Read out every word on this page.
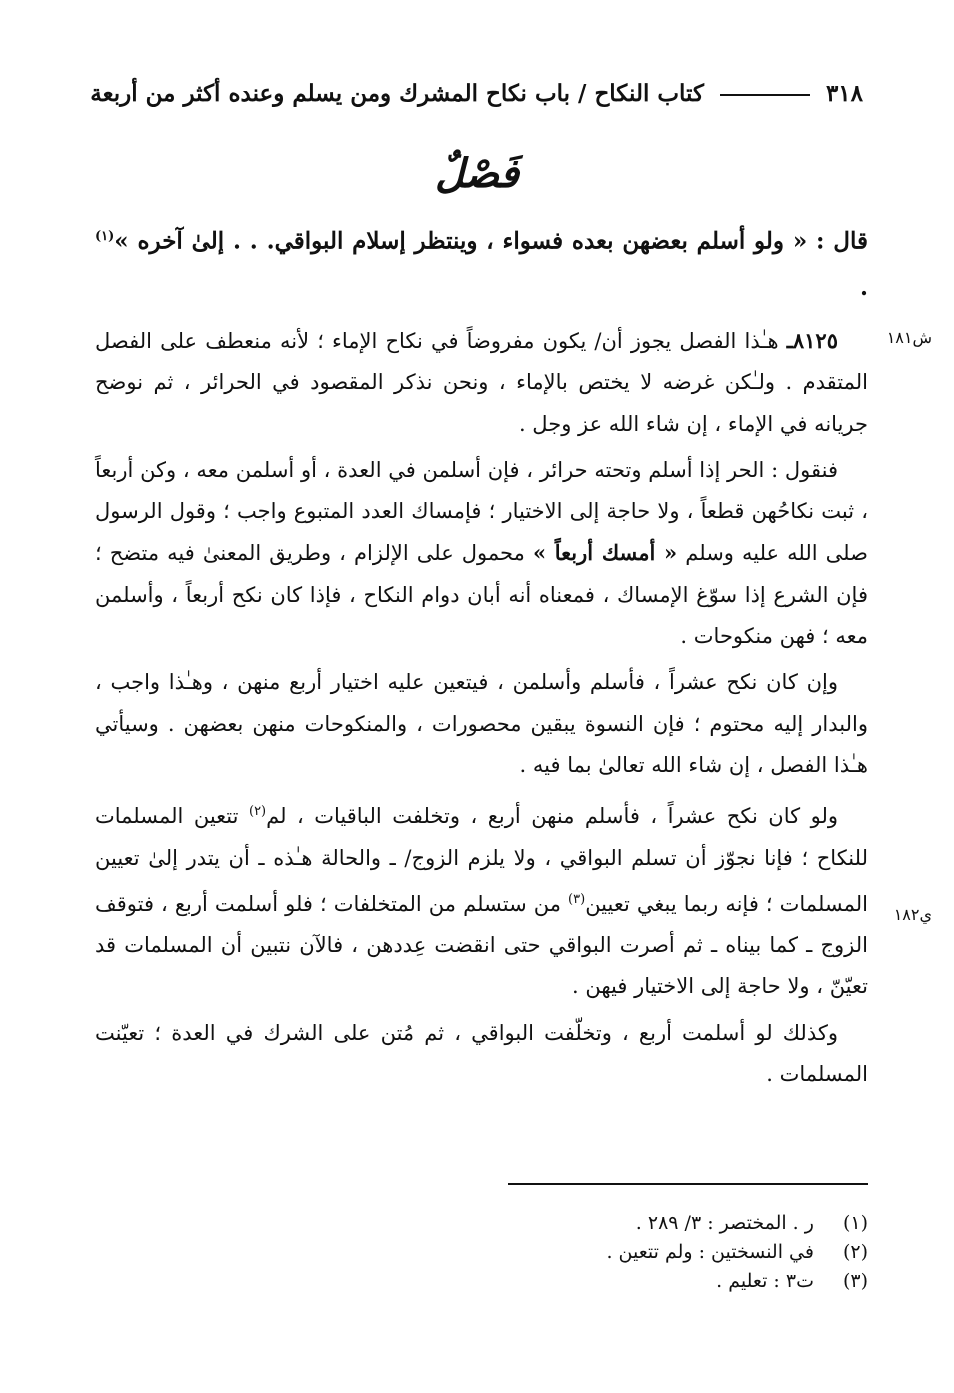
٣١٨  كتاب النكاح / باب نكاح المشرك ومن يسلم وعنده أكثر من أربعة
فَصْلٌ
قال : « ولو أسلم بعضهن بعده فسواء ، وينتظر إسلام البواقي. . . إلىٰ آخره »$^{(١)}$ .
ش١٨١
ي١٨٢

٨١٢٥ـ هـٰذا الفصل يجوز أن/ يكون مفروضاً في نكاح الإماء ؛ لأنه منعطف على الفصل المتقدم . ولـٰكن غرضه لا يختص بالإماء ، ونحن نذكر المقصود في الحرائر ، ثم نوضح جريانه في الإماء ، إن شاء الله عز وجل .

فنقول : الحر إذا أسلم وتحته حرائر ، فإن أسلمن في العدة ، أو أسلمن معه ، وكن أربعاً ، ثبت نكاحُهن قطعاً ، ولا حاجة إلى الاختيار ؛ فإمساك العدد المتبوع واجب ؛ وقول الرسول صلى الله عليه وسلم « أمسك أربعاً » محمول على الإلزام ، وطريق المعنىٰ فيه متضح ؛ فإن الشرع إذا سوّغ الإمساك ، فمعناه أنه أبان دوام النكاح ، فإذا كان نكح أربعاً ، وأسلمن معه ؛ فهن منكوحات .

وإن كان نكح عشراً ، فأسلم وأسلمن ، فيتعين عليه اختيار أربع منهن ، وهـٰذا واجب ، والبدار إليه محتوم ؛ فإن النسوة يبقين محصورات ، والمنكوحات منهن بعضهن . وسيأتي هـٰذا الفصل ، إن شاء الله تعالىٰ بما فيه .

ولو كان نكح عشراً ، فأسلم منهن أربع ، وتخلفت الباقيات ، لم$^{(٢)}$ تتعين المسلمات للنكاح ؛ فإنا نجوّز أن تسلم البواقي ، ولا يلزم الزوج/ ـ والحالة هـٰذه ـ أن يتدر إلىٰ تعيين المسلمات ؛ فإنه ربما يبغي تعيين$^{(٣)}$ من ستسلم من المتخلفات ؛ فلو أسلمت أربع ، فتوقف الزوج ـ كما بيناه ـ ثم أصرت البواقي حتى انقضت عِددهن ، فالآن نتبين أن المسلمات قد تعيّنّ ، ولا حاجة إلى الاختيار فيهن .

وكذلك لو أسلمت أربع ، وتخلّفت البواقي ، ثم مُتن على الشرك في العدة ؛ تعيّنت المسلمات .

(١) ر . المختصر : ٣/ ٢٨٩ .
(٢) في النسختين : ولم تتعين .
(٣) ت٣ : تعليم .
